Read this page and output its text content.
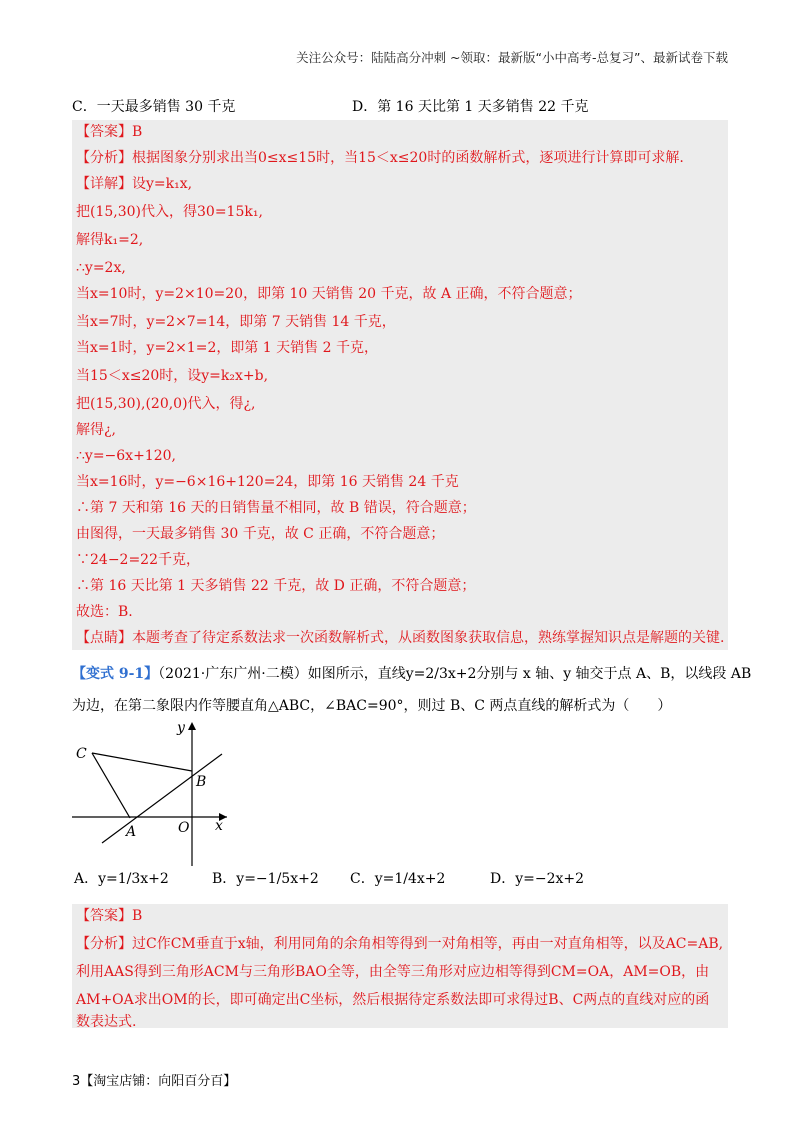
关注公众号：陆陆高分冲刺 ~领取：最新版“小中高考-总复习”、最新试卷下载
C．一天最多销售 30 千克	D．第 16 天比第 1 天多销售 22 千克
【答案】B
【分析】根据图象分别求出当0≤x≤15时，当15＜x≤20时的函数解析式，逐项进行计算即可求解.
【详解】设y=k₁x,
把(15,30)代入，得30=15k₁,
解得k₁=2,
∴y=2x,
当x=10时，y=2×10=20，即第 10 天销售 20 千克，故 A 正确，不符合题意；
当x=7时，y=2×7=14，即第 7 天销售 14 千克，
当x=1时，y=2×1=2，即第 1 天销售 2 千克，
当15＜x≤20时，设y=k₂x+b,
把(15,30),(20,0)代入，得¿,
解得¿,
∴y=−6x+120,
当x=16时，y=−6×16+120=24，即第 16 天销售 24 千克
∴第 7 天和第 16 天的日销售量不相同，故 B 错误，符合题意；
由图得，一天最多销售 30 千克，故 C 正确，不符合题意；
∵24−2=22千克，
∴第 16 天比第 1 天多销售 22 千克，故 D 正确，不符合题意；
故选：B.
【点睛】本题考查了待定系数法求一次函数解析式，从函数图象获取信息，熟练掌握知识点是解题的关键.
【变式 9-1】（2021·广东广州·二模）如图所示，直线y=2/3x+2分别与 x 轴、y 轴交于点 A、B，以线段 AB
为边，在第二象限内作等腰直角△ABC，∠BAC=90°，则过 B、C 两点直线的解析式为（　　）
y
x
C
B
A	O
A．y=1/3x+2	B．y=−1/5x+2 C．y=1/4x+2	D．y=−2x+2
【答案】B
【分析】过C作CM垂直于x轴，利用同角的余角相等得到一对角相等，再由一对直角相等，以及AC=AB,
利用AAS得到三角形ACM与三角形BAO全等，由全等三角形对应边相等得到CM=OA，AM=OB，由
AM+OA求出OM的长，即可确定出C坐标，然后根据待定系数法即可求得过B、C两点的直线对应的函
数表达式.
3【淘宝店铺：向阳百分百】
